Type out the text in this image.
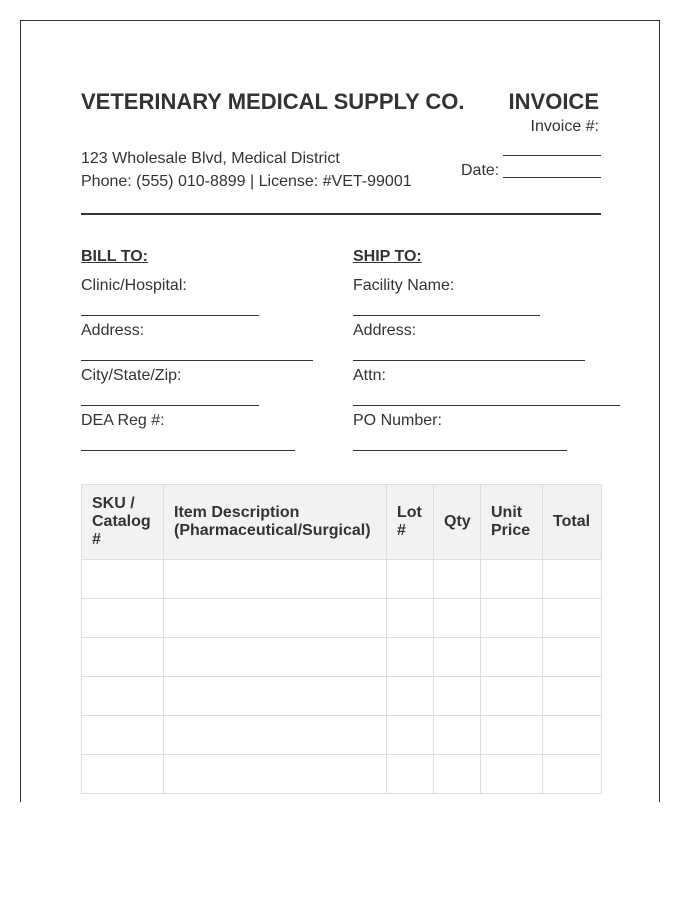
VETERINARY MEDICAL SUPPLY CO.	INVOICE
123 Wholesale Blvd, Medical District
Phone: (555) 010-8899 | License: #VET-99001
Invoice #:
Date:
BILL TO:
Clinic/Hospital:
Address:
City/State/Zip:
DEA Reg #:
SHIP TO:
Facility Name:
Address:
Attn:
PO Number:
SKU / Catalog #	Item Description (Pharmaceutical/Surgical)	Lot #	Qty	Unit Price	Total
